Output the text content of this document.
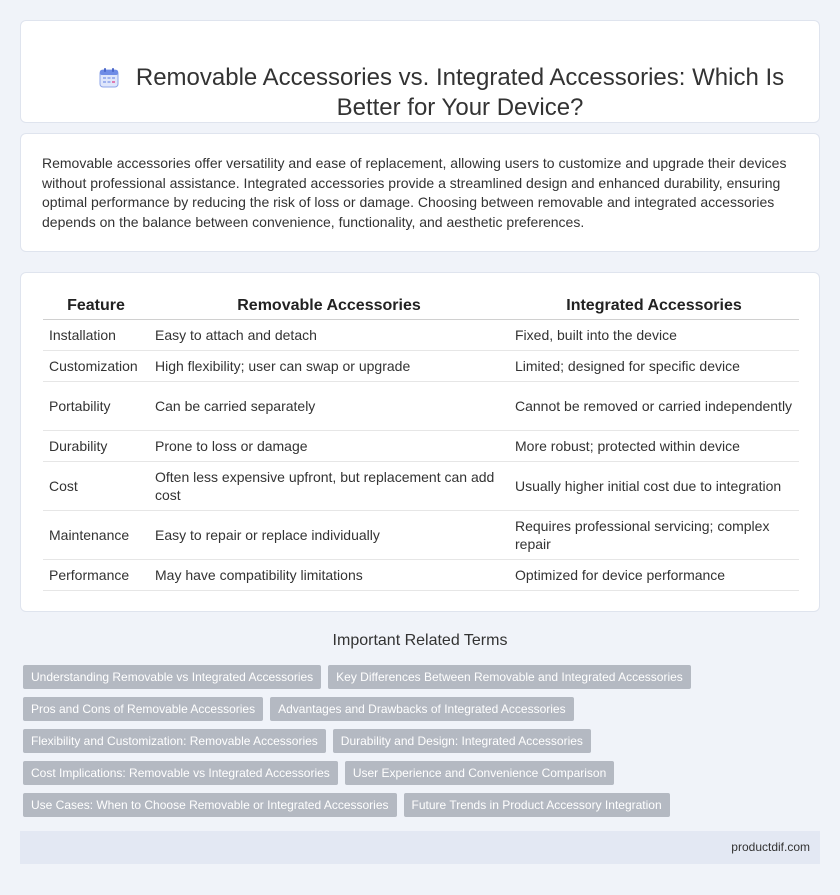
Removable Accessories vs. Integrated Accessories: Which Is Better for Your Device?

Removable accessories offer versatility and ease of replacement, allowing users to customize and upgrade their devices without professional assistance. Integrated accessories provide a streamlined design and enhanced durability, ensuring optimal performance by reducing the risk of loss or damage. Choosing between removable and integrated accessories depends on the balance between convenience, functionality, and aesthetic preferences.

Feature	Removable Accessories	Integrated Accessories
Installation	Easy to attach and detach	Fixed, built into the device
Customization	High flexibility; user can swap or upgrade	Limited; designed for specific device
Portability	Can be carried separately	Cannot be removed or carried independently
Durability	Prone to loss or damage	More robust; protected within device
Cost	Often less expensive upfront, but replacement can add cost	Usually higher initial cost due to integration
Maintenance	Easy to repair or replace individually	Requires professional servicing; complex repair
Performance	May have compatibility limitations	Optimized for device performance
Important Related Terms
Understanding Removable vs Integrated Accessories	Key Differences Between Removable and Integrated Accessories
Pros and Cons of Removable Accessories	Advantages and Drawbacks of Integrated Accessories
Flexibility and Customization: Removable Accessories	Durability and Design: Integrated Accessories
Cost Implications: Removable vs Integrated Accessories	User Experience and Convenience Comparison
Use Cases: When to Choose Removable or Integrated Accessories	Future Trends in Product Accessory Integration
productdif.com
